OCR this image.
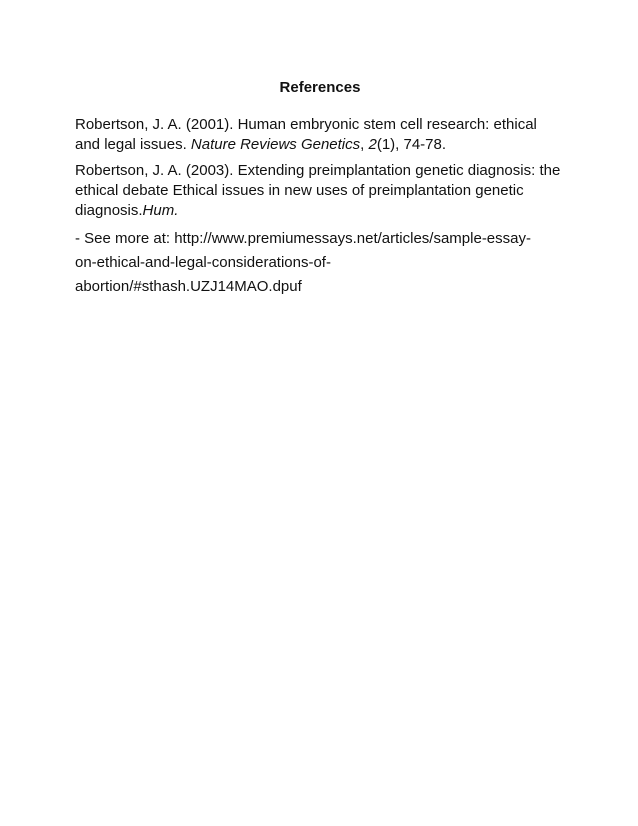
References

Robertson, J. A. (2001). Human embryonic stem cell research: ethical and legal issues. Nature Reviews Genetics, 2(1), 74-78.

Robertson, J. A. (2003). Extending preimplantation genetic diagnosis: the ethical debate Ethical issues in new uses of preimplantation genetic diagnosis.Hum.

- See more at: http://www.premiumessays.net/articles/sample-essay-
on-ethical-and-legal-considerations-of-
abortion/#sthash.UZJ14MAO.dpuf
